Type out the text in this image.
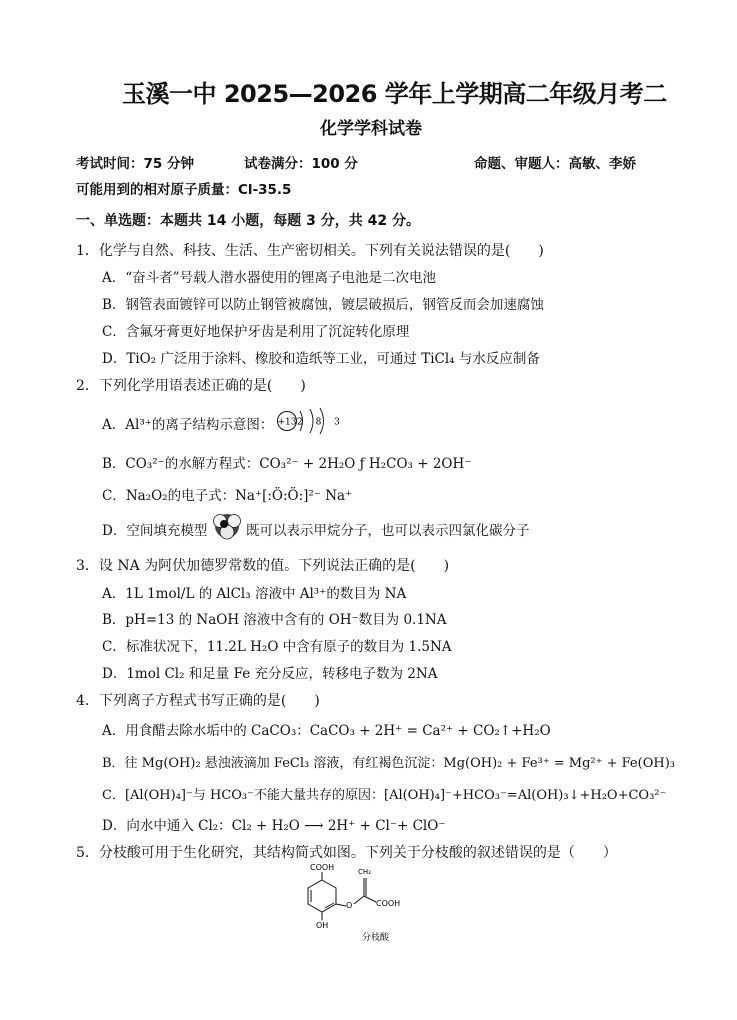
玉溪一中 2025—2026 学年上学期高二年级月考二
化学学科试卷
考试时间：75 分钟	试卷满分：100 分	命题、审题人：高敏、李娇
可能用到的相对原子质量：Cl-35.5
一、单选题：本题共 14 小题，每题 3 分，共 42 分。
1．化学与自然、科技、生活、生产密切相关。下列有关说法错误的是(　　)
A．“奋斗者”号载人潜水器使用的锂离子电池是二次电池
B．钢管表面镀锌可以防止钢管被腐蚀，镀层破损后，钢管反而会加速腐蚀
C．含氟牙膏更好地保护牙齿是利用了沉淀转化原理
D．TiO₂ 广泛用于涂料、橡胶和造纸等工业，可通过 TiCl₄ 与水反应制备
2．下列化学用语表述正确的是(　　)
A．Al³⁺的离子结构示意图： +13 2 8 3
B．CO₃²⁻的水解方程式：CO₃²⁻ + 2H₂O ƒ H₂CO₃ + 2OH⁻
C．Na₂O₂的电子式：Na⁺[:Ö:Ö:]²⁻ Na⁺
D．空间填充模型	既可以表示甲烷分子，也可以表示四氯化碳分子
3．设 NA 为阿伏加德罗常数的值。下列说法正确的是(　　)
A．1L 1mol/L 的 AlCl₃ 溶液中 Al³⁺的数目为 NA
B．pH=13 的 NaOH 溶液中含有的 OH⁻数目为 0.1NA
C．标准状况下，11.2L H₂O 中含有原子的数目为 1.5NA
D．1mol Cl₂ 和足量 Fe 充分反应，转移电子数为 2NA
4．下列离子方程式书写正确的是(　　)
A．用食醋去除水垢中的 CaCO₃：CaCO₃ + 2H⁺ = Ca²⁺ + CO₂↑+H₂O
B．往 Mg(OH)₂ 悬浊液滴加 FeCl₃ 溶液，有红褐色沉淀：Mg(OH)₂ + Fe³⁺ = Mg²⁺ + Fe(OH)₃
C．[Al(OH)₄]⁻与 HCO₃⁻不能大量共存的原因：[Al(OH)₄]⁻+HCO₃⁻=Al(OH)₃↓+H₂O+CO₃²⁻
D．向水中通入 Cl₂：Cl₂ + H₂O ⟶ 2H⁺ + Cl⁻+ ClO⁻
5．分枝酸可用于生化研究，其结构简式如图。下列关于分枝酸的叙述错误的是（　　）
COOH
O
CH₂
COOH
OH
分枝酸
